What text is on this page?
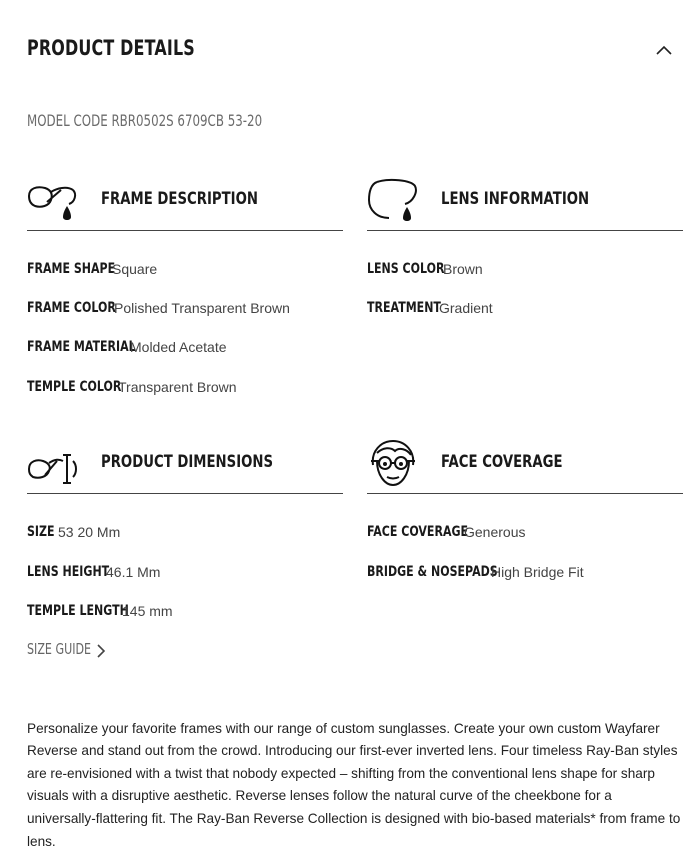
PRODUCT DETAILS
MODEL CODE RBR0502S 6709CB 53-20
FRAME DESCRIPTION
FRAME SHAPE
Square
FRAME COLOR
Polished Transparent Brown
FRAME MATERIAL
Molded Acetate
TEMPLE COLOR
Transparent Brown
LENS INFORMATION
LENS COLOR
Brown
TREATMENT
Gradient
PRODUCT DIMENSIONS
SIZE 53 20 Mm
LENS HEIGHT
46.1 Mm
TEMPLE LENGTH
145 mm
FACE COVERAGE
FACE COVERAGE
Generous
BRIDGE & NOSEPADS
High Bridge Fit
SIZE GUIDE

Personalize your favorite frames with our range of custom sunglasses. Create your own custom Wayfarer Reverse and stand out from the crowd. Introducing our first-ever inverted lens. Four timeless Ray-Ban styles are re-envisioned with a twist that nobody expected – shifting from the conventional lens shape for sharp visuals with a disruptive aesthetic. Reverse lenses follow the natural curve of the cheekbone for a universally-flattering fit. The Ray-Ban Reverse Collection is designed with bio-based materials* from frame to lens.
